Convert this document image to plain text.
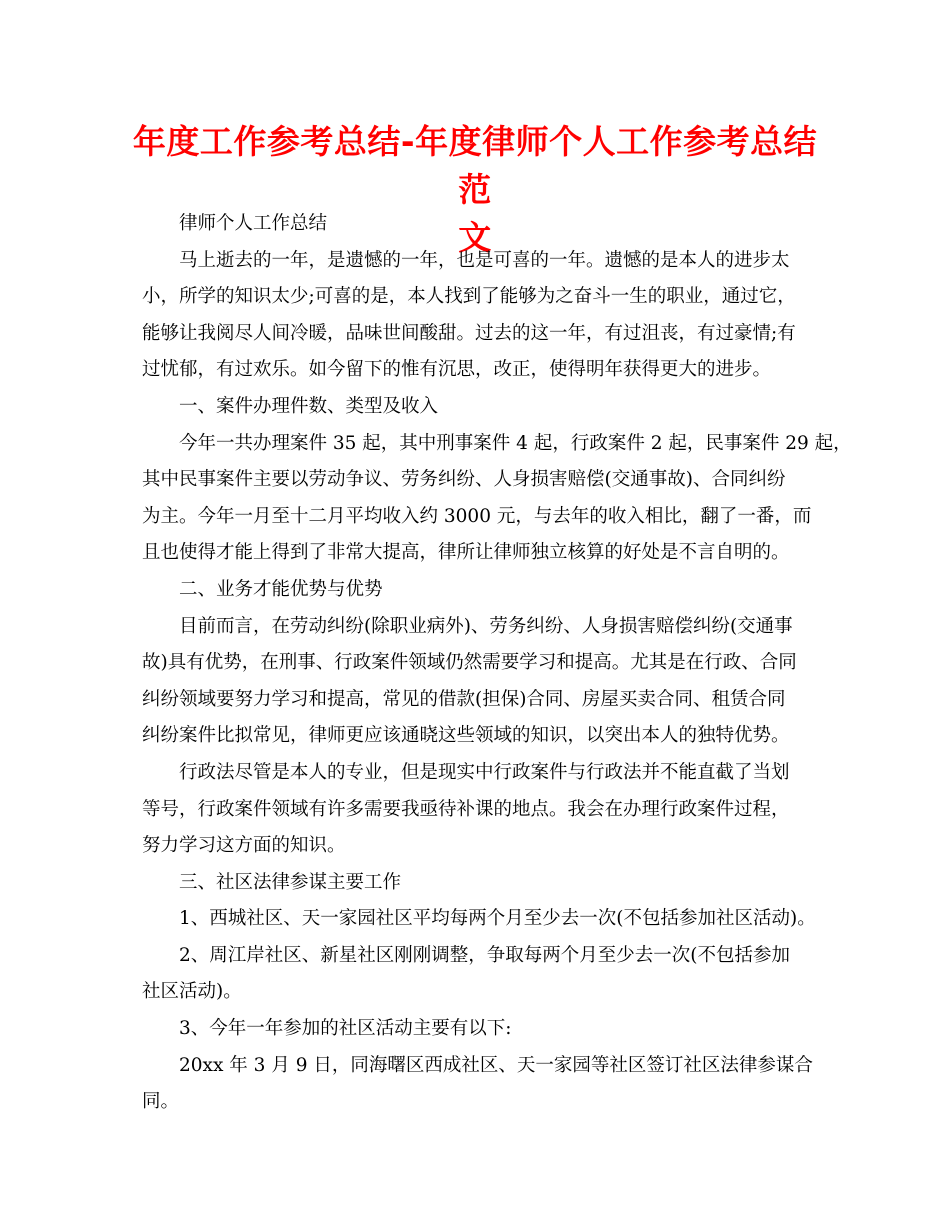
年度工作参考总结-年度律师个人工作参考总结范
文
律师个人工作总结
马上逝去的一年，是遗憾的一年，也是可喜的一年。遗憾的是本人的进步太
小，所学的知识太少;可喜的是，本人找到了能够为之奋斗一生的职业，通过它，
能够让我阅尽人间冷暖，品味世间酸甜。过去的这一年，有过沮丧，有过豪情;有
过忧郁，有过欢乐。如今留下的惟有沉思，改正，使得明年获得更大的进步。
一、案件办理件数、类型及收入
今年一共办理案件 35 起，其中刑事案件 4 起，行政案件 2 起，民事案件 29 起，
其中民事案件主要以劳动争议、劳务纠纷、人身损害赔偿(交通事故)、合同纠纷
为主。今年一月至十二月平均收入约 3000 元，与去年的收入相比，翻了一番，而
且也使得才能上得到了非常大提高，律所让律师独立核算的好处是不言自明的。
二、业务才能优势与优势
目前而言，在劳动纠纷(除职业病外)、劳务纠纷、人身损害赔偿纠纷(交通事
故)具有优势，在刑事、行政案件领域仍然需要学习和提高。尤其是在行政、合同
纠纷领域要努力学习和提高，常见的借款(担保)合同、房屋买卖合同、租赁合同
纠纷案件比拟常见，律师更应该通晓这些领域的知识，以突出本人的独特优势。
行政法尽管是本人的专业，但是现实中行政案件与行政法并不能直截了当划
等号，行政案件领域有许多需要我亟待补课的地点。我会在办理行政案件过程，
努力学习这方面的知识。
三、社区法律参谋主要工作
1、西城社区、天一家园社区平均每两个月至少去一次(不包括参加社区活动)。
2、周江岸社区、新星社区刚刚调整，争取每两个月至少去一次(不包括参加
社区活动)。
3、今年一年参加的社区活动主要有以下:
20xx 年 3 月 9 日，同海曙区西成社区、天一家园等社区签订社区法律参谋合
同。
